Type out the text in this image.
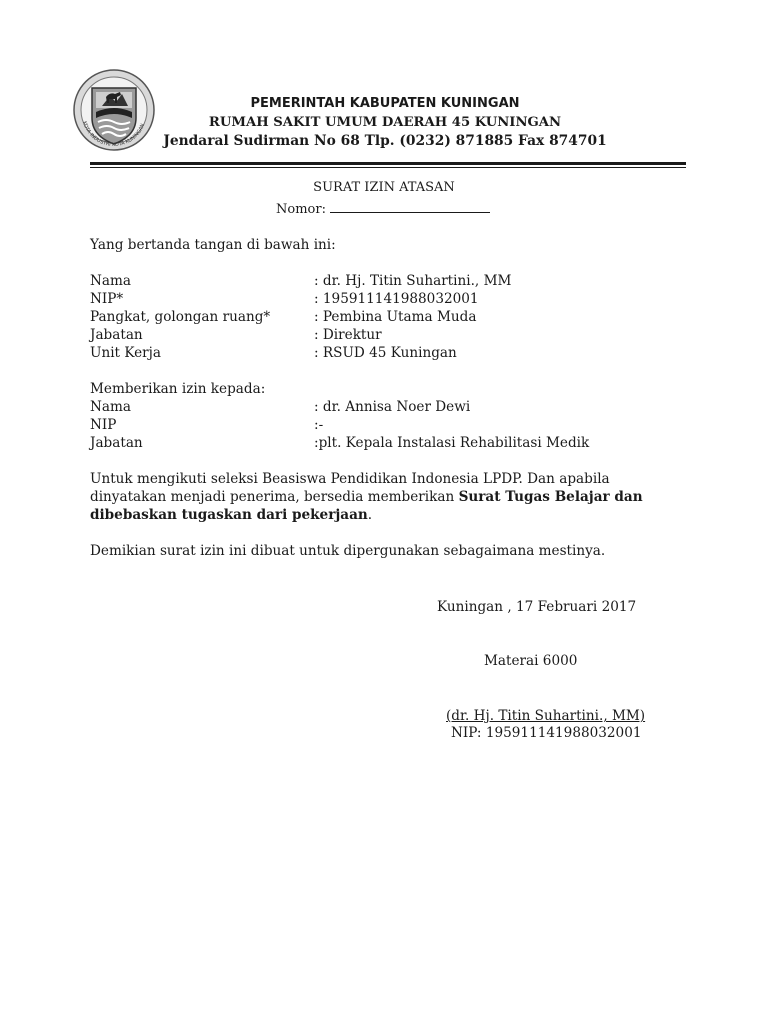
KOTA INDUSTRI KOTA KUNINGAN
PEMERINTAH KABUPATEN KUNINGAN
RUMAH SAKIT UMUM DAERAH 45 KUNINGAN
Jendaral Sudirman No 68 Tlp. (0232) 871885 Fax 874701
SURAT IZIN ATASAN
Nomor:
Yang bertanda tangan di bawah ini:
Nama	: dr. Hj. Titin Suhartini., MM
NIP*	: 195911141988032001
Pangkat, golongan ruang*	: Pembina Utama Muda
Jabatan	: Direktur
Unit Kerja	: RSUD 45 Kuningan
Memberikan izin kepada:
Nama	: dr. Annisa Noer Dewi
NIP	:-
Jabatan	:plt. Kepala Instalasi Rehabilitasi Medik
Untuk mengikuti seleksi Beasiswa Pendidikan Indonesia LPDP. Dan apabila
dinyatakan menjadi penerima, bersedia memberikan Surat Tugas Belajar dan
dibebaskan tugaskan dari pekerjaan.
Demikian surat izin ini dibuat untuk dipergunakan sebagaimana mestinya.
Kuningan , 17 Februari 2017
Materai 6000
(dr. Hj. Titin Suhartini., MM)
NIP: 195911141988032001
